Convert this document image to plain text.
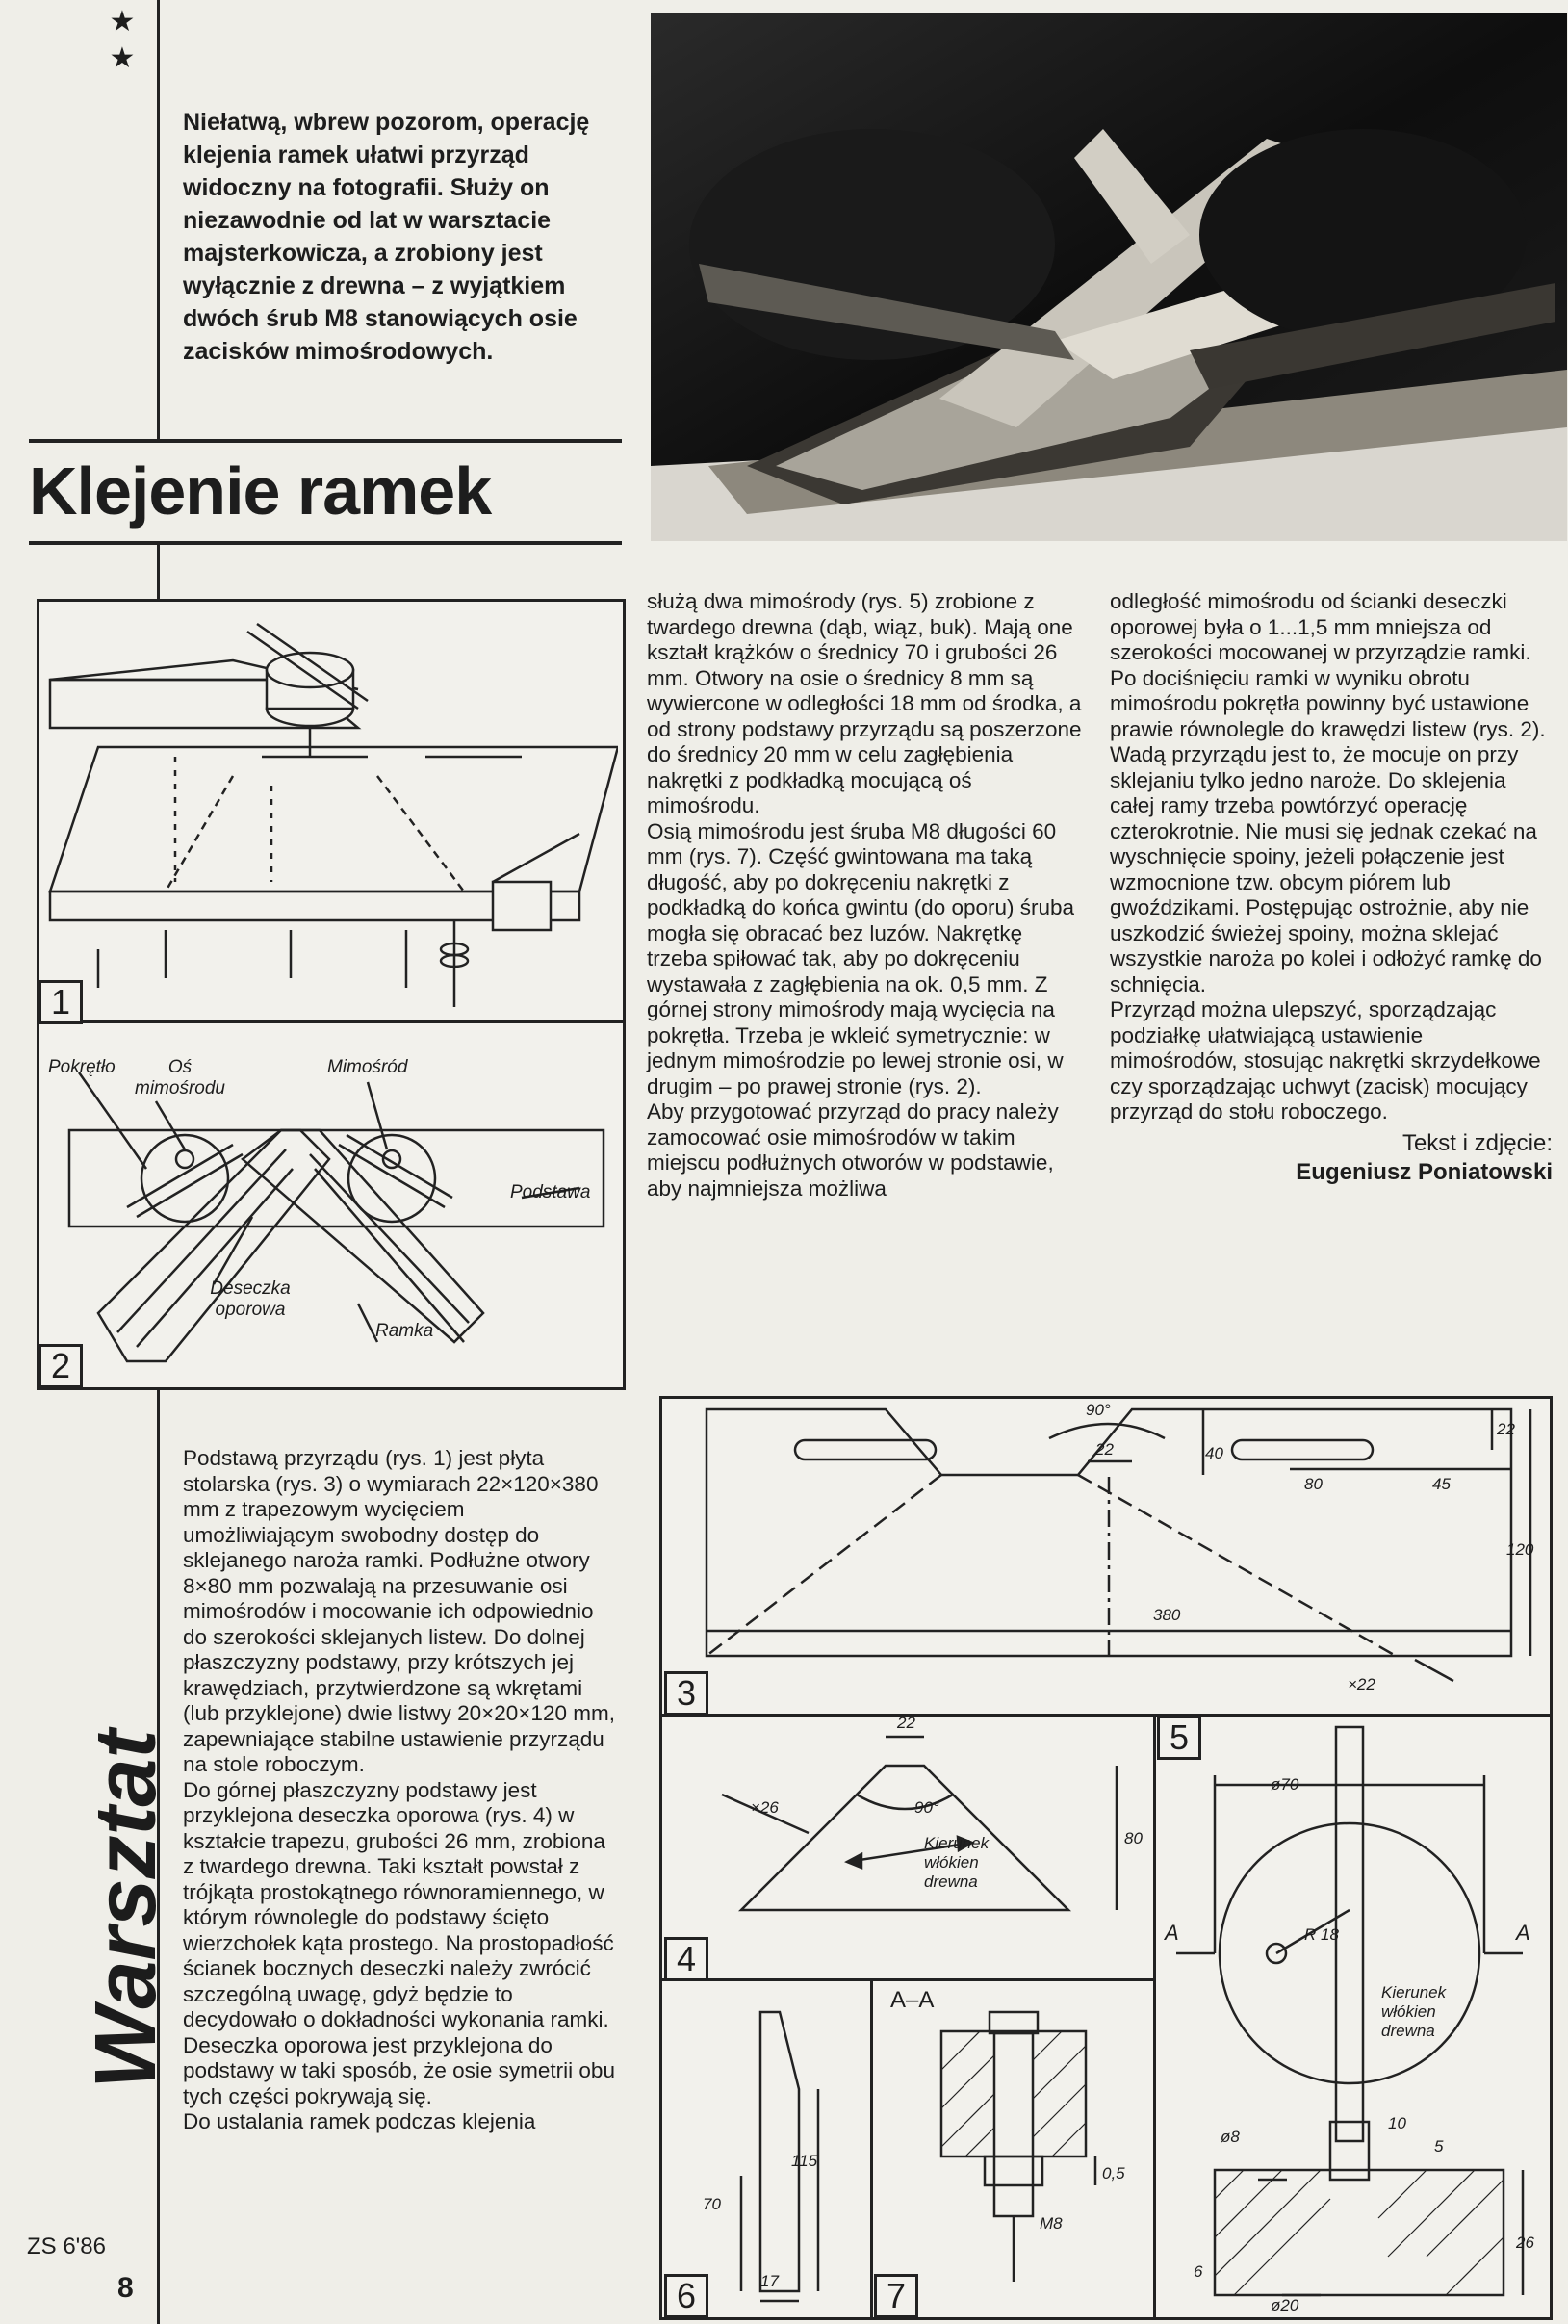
★
★
Niełatwą, wbrew pozorom, operację klejenia ramek ułatwi przyrząd widoczny na fotografii. Służy on niezawodnie od lat w warsztacie majsterkowicza, a zrobiony jest wyłącznie z drewna – z wyjątkiem dwóch śrub M8 stanowiących osie zacisków mimośrodowych.
Klejenie ramek
1
Pokrętło	Oś mimośrodu
Mimośród
Podstawa
Deseczka oporowa
Ramka
2

służą dwa mimośrody (rys. 5) zrobione z twardego drewna (dąb, wiąz, buk). Mają one kształt krążków o średnicy 70 i grubości 26 mm. Otwory na osie o średnicy 8 mm są wywiercone w odległości 18 mm od środka, a od strony podstawy przyrządu są poszerzone do średnicy 20 mm w celu zagłębienia nakrętki z podkładką mocującą oś mimośrodu.

Osią mimośrodu jest śruba M8 długości 60 mm (rys. 7). Część gwintowana ma taką długość, aby po dokręceniu nakrętki z podkładką do końca gwintu (do oporu) śruba mogła się obracać bez luzów. Nakrętkę trzeba spiłować tak, aby po dokręceniu wystawała z zagłębienia na ok. 0,5 mm. Z górnej strony mimośrody mają wycięcia na pokrętła. Trzeba je wkleić symetrycznie: w jednym mimośrodzie po lewej stronie osi, w drugim – po prawej stronie (rys. 2).

Aby przygotować przyrząd do pracy należy zamocować osie mimośrodów w takim miejscu podłużnych otworów w podstawie, aby najmniejsza możliwa

odległość mimośrodu od ścianki deseczki oporowej była o 1...1,5 mm mniejsza od szerokości mocowanej w przyrządzie ramki. Po dociśnięciu ramki w wyniku obrotu mimośrodu pokrętła powinny być ustawione prawie równolegle do krawędzi listew (rys. 2).

Wadą przyrządu jest to, że mocuje on przy sklejaniu tylko jedno naroże. Do sklejenia całej ramy trzeba powtórzyć operację czterokrotnie. Nie musi się jednak czekać na wyschnięcie spoiny, jeżeli połączenie jest wzmocnione tzw. obcym piórem lub gwoździkami. Postępując ostrożnie, aby nie uszkodzić świeżej spoiny, można sklejać wszystkie naroża po kolei i odłożyć ramkę do schnięcia.

Przyrząd można ulepszyć, sporządzając podziałkę ułatwiającą ustawienie mimośrodów, stosując nakrętki skrzydełkowe czy sporządzając uchwyt (zacisk) mocujący przyrząd do stołu roboczego.

Tekst i zdjęcie:
Eugeniusz Poniatowski

Podstawą przyrządu (rys. 1) jest płyta stolarska (rys. 3) o wymiarach 22×120×380 mm z trapezowym wycięciem umożliwiającym swobodny dostęp do sklejanego naroża ramki. Podłużne otwory 8×80 mm pozwalają na przesuwanie osi mimośrodów i mocowanie ich odpowiednio do szerokości sklejanych listew. Do dolnej płaszczyzny podstawy, przy krótszych jej krawędziach, przytwierdzone są wkrętami (lub przyklejone) dwie listwy 20×20×120 mm, zapewniające stabilne ustawienie przyrządu na stole roboczym.

Do górnej płaszczyzny podstawy jest przyklejona deseczka oporowa (rys. 4) w kształcie trapezu, grubości 26 mm, zrobiona z twardego drewna. Taki kształt powstał z trójkąta prostokątnego równoramiennego, w którym równolegle do podstawy ścięto wierzchołek kąta prostego. Na prostopadłość ścianek bocznych deseczki należy zwrócić szczególną uwagę, gdyż będzie to decydowało o dokładności wykonania ramki. Deseczka oporowa jest przyklejona do podstawy w taki sposób, że osie symetrii obu tych części pokrywają się.

Do ustalania ramek podczas klejenia

Warsztat
ZS 6'86
8
90°
22	40
22
80	45
120
380
×22
3
22
×26	90°
80
Kierunek włókien drewna
4
ø70
R 18
A	A
Kierunek włókien drewna
ø8
10
5
6
ø20
26
5
70
115
17
6
A–A
0,5
M8
7
